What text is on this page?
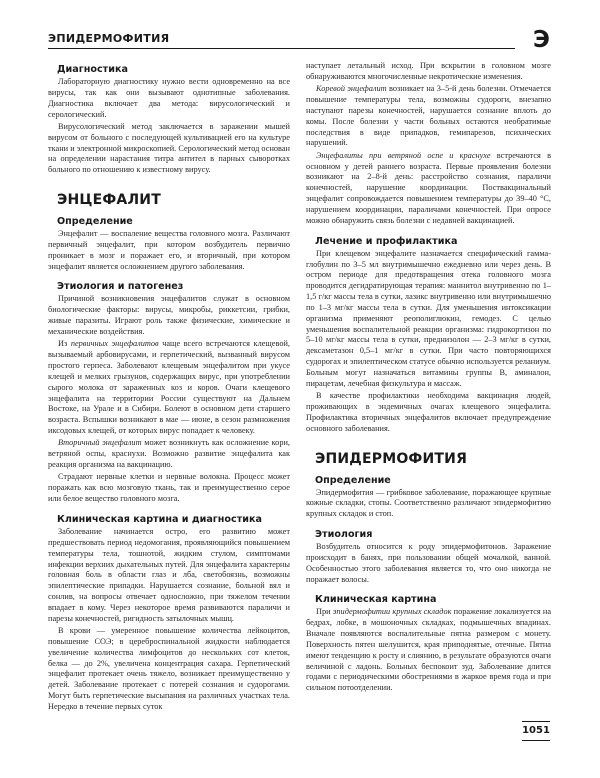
ЭПИДЕРМОФИТИЯ	Э
Диагностика

Лабораторную диагностику нужно вести одновременно на все вирусы, так как они вызывают однотипные заболевания. Диагностика включает два метода: вирусологический и серологический.

Вирусологический метод заключается в заражении мышей вирусом от больного с последующей культивацией его на культуре ткани и электронной микроскопией. Серологический метод основан на определении нарастания титра антител в парных сыворотках больного по отношению к известному вирусу.

ЭНЦЕФАЛИТ
Определение

Энцефалит — воспаление вещества головного мозга. Различают первичный энцефалит, при котором возбудитель первично проникает в мозг и поражает его, и вторичный, при котором энцефалит является осложнением другого заболевания.

Этиология и патогенез

Причиной возникновения энцефалитов служат в основном биологические факторы: вирусы, микробы, риккетсии, грибки, живые паразиты. Играют роль также физические, химические и механические воздействия.

Из первичных энцефалитов чаще всего встречаются клещевой, вызываемый арбовирусами, и герпетический, вызванный вирусом простого герпеса. Заболевают клещевым энцефалитом при укусе клещей и мелких грызунов, содержащих вирус, при употреблении сырого молока от зараженных коз и коров. Очаги клещевого энцефалита на территории России существуют на Дальнем Востоке, на Урале и в Сибири. Болеют в основном дети старшего возраста. Вспышки возникают в мае — июне, в сезон размножения иксодовых клещей, от которых вирус попадает к человеку.

Вторичный энцефалит может возникнуть как осложнение кори, ветряной оспы, краснухи. Возможно развитие энцефалита как реакция организма на вакцинацию.

Страдают нервные клетки и нервные волокна. Процесс может поражать как всю мозговую ткань, так и преимущественно серое или белое вещество головного мозга.

Клиническая картина и диагностика

Заболевание начинается остро, его развитию может предшествовать период недомогания, проявляющийся повышением температуры тела, тошнотой, жидким стулом, симптомами инфекции верхних дыхательных путей. Для энцефалита характерны головная боль в области глаз и лба, светобоязнь, возможны эпилептические припадки. Нарушается сознание, больной вял и сонлив, на вопросы отвечает односложно, при тяжелом течении впадает в кому. Через некоторое время развиваются параличи и парезы конечностей, ригидность затылочных мышц.

В крови — умеренное повышение количества лейкоцитов, повышение СОЭ; в цереброспинальной жидкости наблюдается увеличение количества лимфоцитов до нескольких сот клеток, белка — до 2%, увеличена концентрация сахара. Герпетический энцефалит протекает очень тяжело, возникает преимущественно у детей. Заболевание протекает с потерей сознания и судорогами. Могут быть герпетические высыпания на различных участках тела. Нередко в течение первых суток

наступает летальный исход. При вскрытии в головном мозге обнаруживаются многочисленные некротические изменения.

Коревой энцефалит возникает на 3–5-й день болезни. Отмечается повышение температуры тела, возможны судороги, внезапно наступают парезы конечностей, нарушается сознание вплоть до комы. После болезни у части больных остаются необратимые последствия в виде припадков, гемипарезов, психических нарушений.

Энцефалиты при ветряной оспе и краснухе встречаются в основном у детей раннего возраста. Первые проявления болезни возникают на 2–8-й день: расстройство сознания, параличи конечностей, нарушение координации. Поствакцинальный энцефалит сопровождается повышением температуры до 39–40 °С, нарушением координации, параличами конечностей. При опросе можно обнаружить связь болезни с недавней вакцинацией.

Лечение и профилактика

При клещевом энцефалите назначается специфический гамма-глобулин по 3–5 мл внутримышечно ежедневно или через день. В остром периоде для предотвращения отека головного мозга проводится дегидратирующая терапия: маннитол внутривенно по 1–1,5 г/кг массы тела в сутки, лазикс внутривенно или внутримышечно по 1–3 мг/кг массы тела в сутки. Для уменьшения интоксикации организма применяют реополиглюкин, гемодез. С целью уменьшения воспалительной реакции организма: гидрокортизон по 5–10 мг/кг массы тела в сутки, преднизолон — 2–3 мг/кг в сутки, дексаметазон 0,5–1 мг/кг в сутки. При часто повторяющихся судорогах и эпилептическом статусе обычно используется реланиум. Больным могут назначаться витамины группы В, аминалон, пирацетам, лечебная физкультура и массаж.

В качестве профилактики необходима вакцинация людей, проживающих в эндемичных очагах клещевого энцефалита. Профилактика вторичных энцефалитов включает предупреждение основного заболевания.

ЭПИДЕРМОФИТИЯ
Определение

Эпидермофития — грибковое заболевание, поражающее крупные кожные складки, стопы. Соответственно различают эпидермофитию крупных складок и стоп.

Этиология

Возбудитель относится к роду эпидермофитонов. Заражение происходит в банях, при пользовании общей мочалкой, ванной. Особенностью этого заболевания является то, что оно никогда не поражает волосы.

Клиническая картина

При эпидермофитии крупных складок поражение локализуется на бедрах, лобке, в мошоночных складках, подмышечных впадинах. Вначале появляются воспалительные пятна размером с монету. Поверхность пятен шелушится, края приподнятые, отечные. Пятна имеют тенденцию к росту и слиянию, в результате образуются очаги величиной с ладонь. Больных беспокоит зуд. Заболевание длится годами с периодическими обострениями в жаркое время года и при сильном потоотделении.

1051
